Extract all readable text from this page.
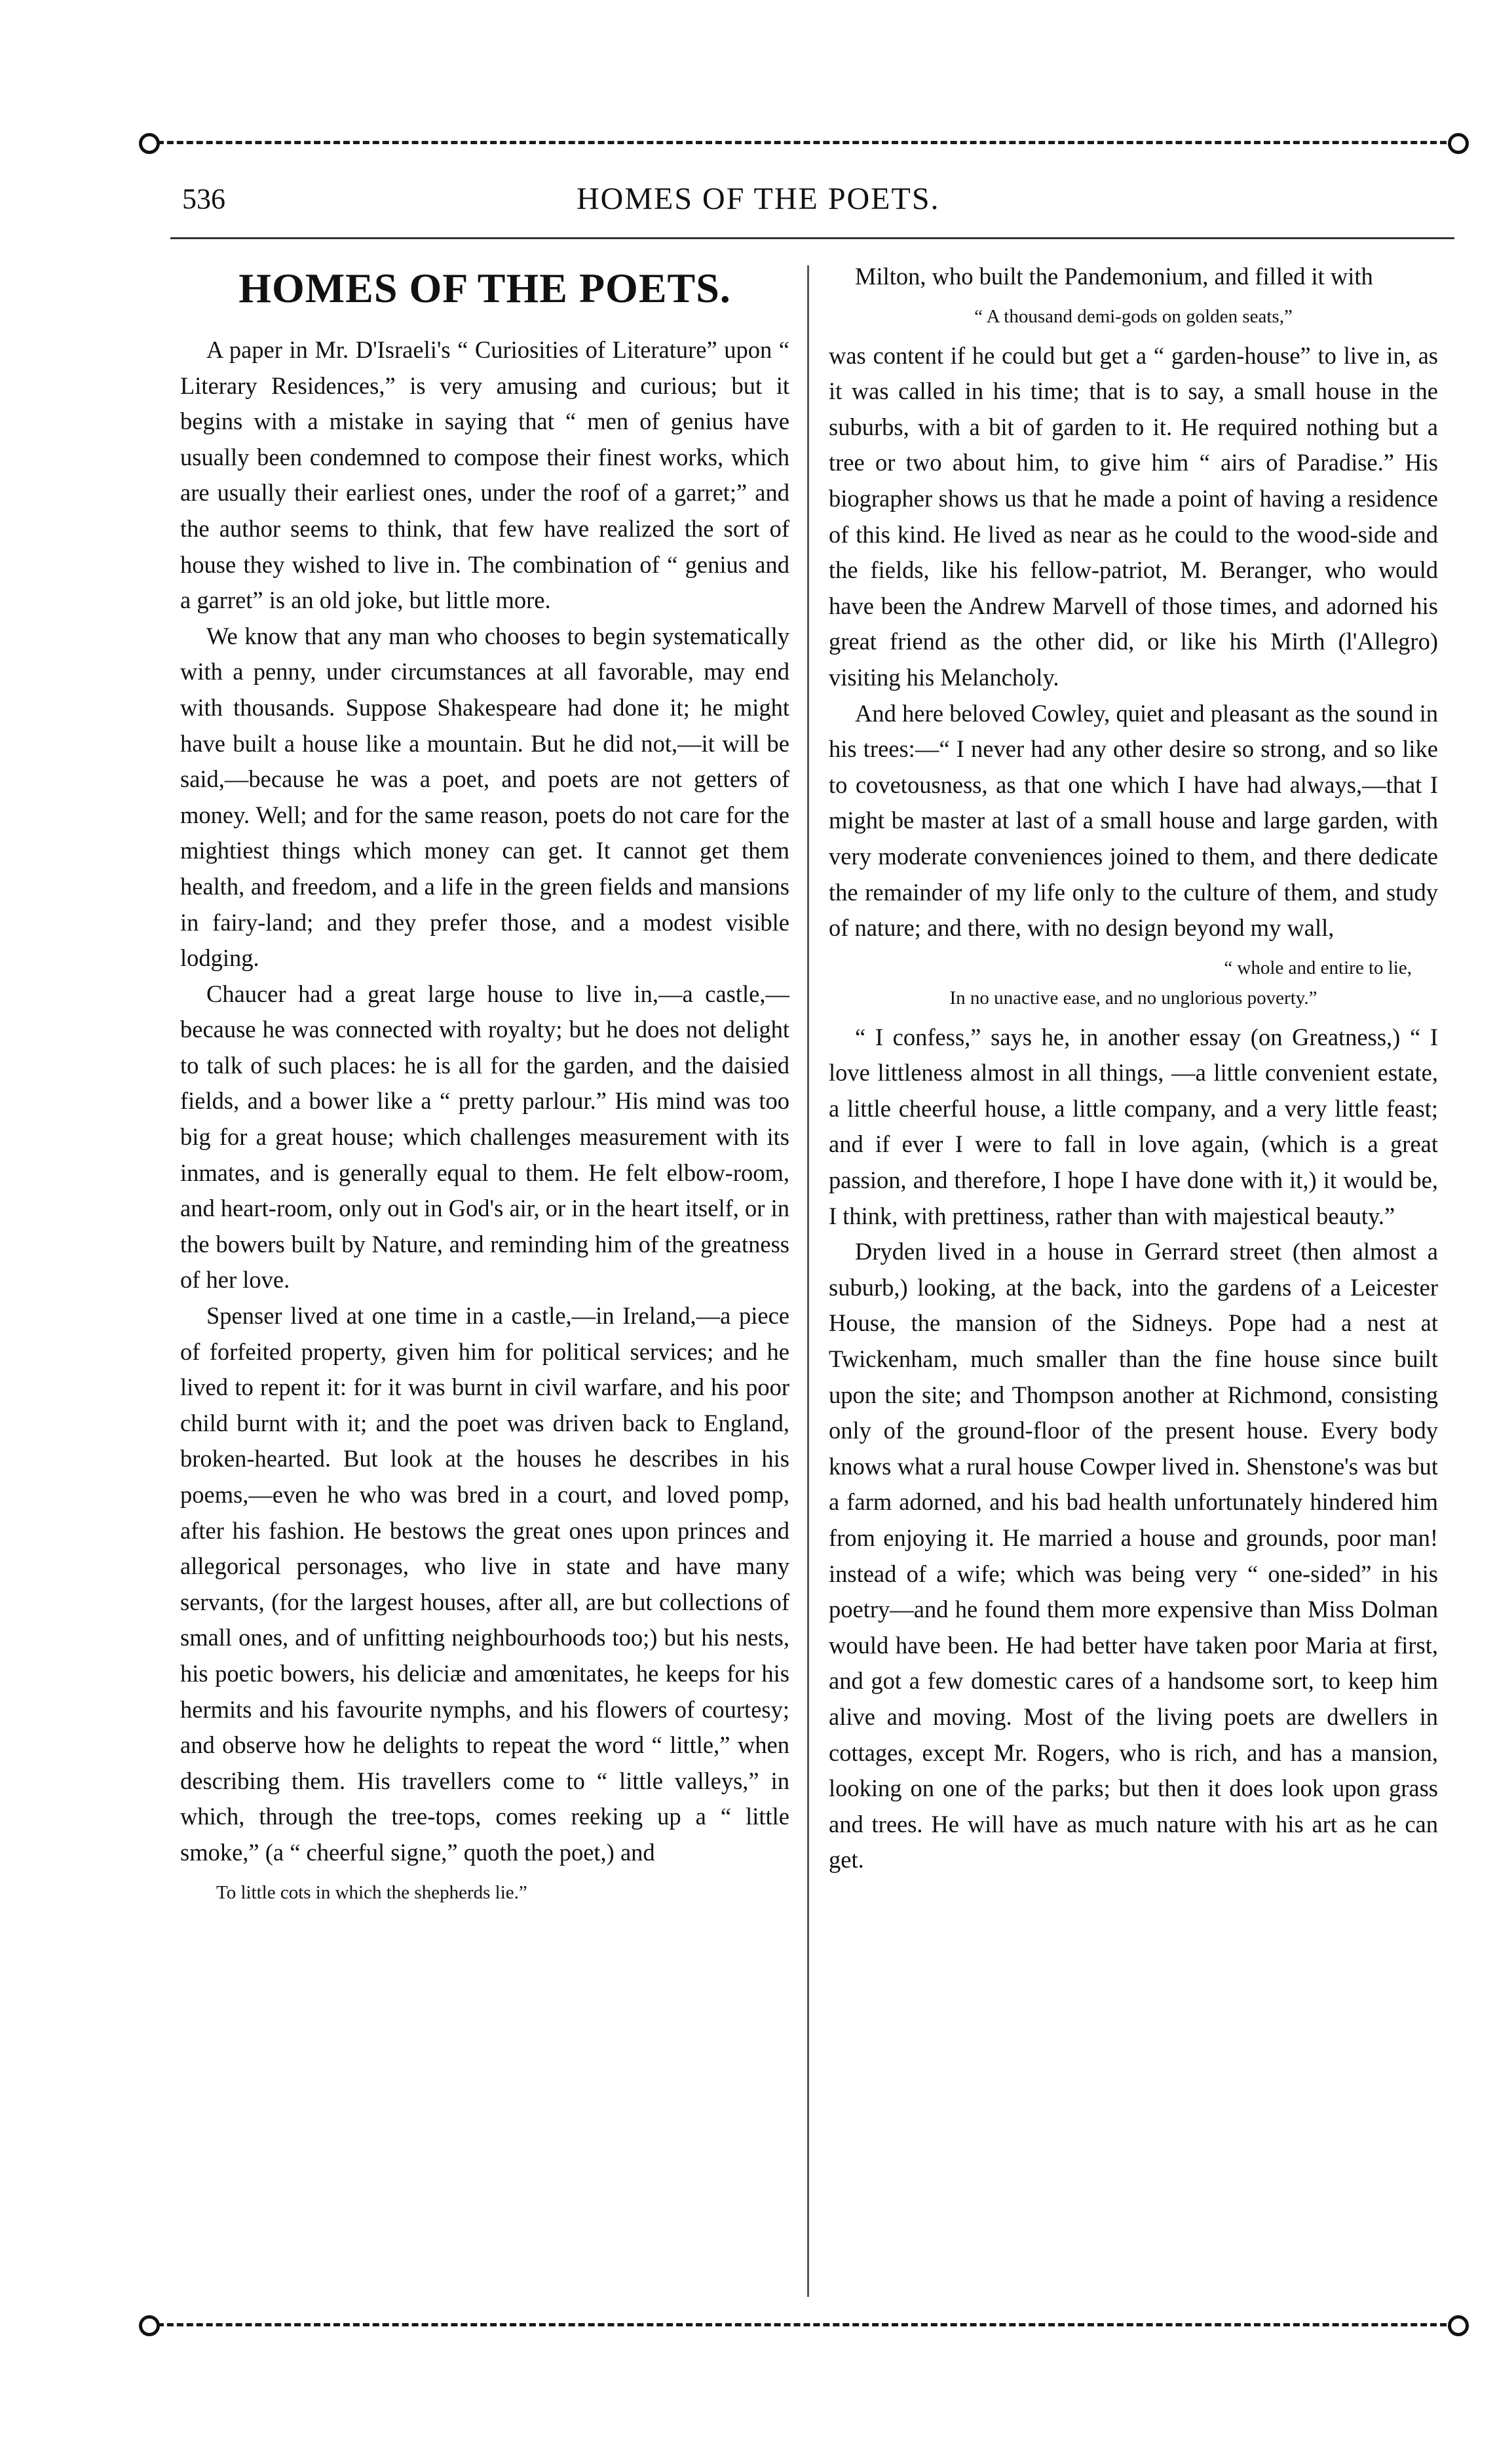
536	HOMES OF THE POETS.
HOMES OF THE POETS.

A paper in Mr. D'Israeli's “ Curiosities of Literature” upon “ Literary Residences,” is very amusing and curious; but it begins with a mistake in saying that “ men of genius have usually been condemned to compose their finest works, which are usually their earliest ones, under the roof of a garret;” and the author seems to think, that few have realized the sort of house they wished to live in. The combination of “ genius and a garret” is an old joke, but little more.

We know that any man who chooses to begin systematically with a penny, under circumstances at all favorable, may end with thousands. Suppose Shakespeare had done it; he might have built a house like a mountain. But he did not,—it will be said,—because he was a poet, and poets are not getters of money. Well; and for the same reason, poets do not care for the mightiest things which money can get. It cannot get them health, and freedom, and a life in the green fields and mansions in fairy-land; and they prefer those, and a modest visible lodging.

Chaucer had a great large house to live in,—a castle,—because he was connected with royalty; but he does not delight to talk of such places: he is all for the garden, and the daisied fields, and a bower like a “ pretty parlour.” His mind was too big for a great house; which challenges measurement with its inmates, and is generally equal to them. He felt elbow-room, and heart-room, only out in God's air, or in the heart itself, or in the bowers built by Nature, and reminding him of the greatness of her love.

Spenser lived at one time in a castle,—in Ireland,—a piece of forfeited property, given him for political services; and he lived to repent it: for it was burnt in civil warfare, and his poor child burnt with it; and the poet was driven back to England, broken-hearted. But look at the houses he describes in his poems,—even he who was bred in a court, and loved pomp, after his fashion. He bestows the great ones upon princes and allegorical personages, who live in state and have many servants, (for the largest houses, after all, are but collections of small ones, and of unfitting neighbourhoods too;) but his nests, his poetic bowers, his deliciæ and amœnitates, he keeps for his hermits and his favourite nymphs, and his flowers of courtesy; and observe how he delights to repeat the word “ little,” when describing them. His travellers come to “ little valleys,” in which, through the tree-tops, comes reeking up a “ little smoke,” (a “ cheerful signe,” quoth the poet,) and

To little cots in which the shepherds lie.”

Milton, who built the Pandemonium, and filled it with

“ A thousand demi-gods on golden seats,”

was content if he could but get a “ garden-house” to live in, as it was called in his time; that is to say, a small house in the suburbs, with a bit of garden to it. He required nothing but a tree or two about him, to give him “ airs of Paradise.” His biographer shows us that he made a point of having a residence of this kind. He lived as near as he could to the wood-side and the fields, like his fellow-patriot, M. Beranger, who would have been the Andrew Marvell of those times, and adorned his great friend as the other did, or like his Mirth (l'Allegro) visiting his Melancholy.

And here beloved Cowley, quiet and pleasant as the sound in his trees:—“ I never had any other desire so strong, and so like to covetousness, as that one which I have had always,—that I might be master at last of a small house and large garden, with very moderate conveniences joined to them, and there dedicate the remainder of my life only to the culture of them, and study of nature; and there, with no design beyond my wall,

“ whole and entire to lie,

In no unactive ease, and no unglorious poverty.”

“ I confess,” says he, in another essay (on Greatness,) “ I love littleness almost in all things, —a little convenient estate, a little cheerful house, a little company, and a very little feast; and if ever I were to fall in love again, (which is a great passion, and therefore, I hope I have done with it,) it would be, I think, with prettiness, rather than with majestical beauty.”

Dryden lived in a house in Gerrard street (then almost a suburb,) looking, at the back, into the gardens of a Leicester House, the mansion of the Sidneys. Pope had a nest at Twickenham, much smaller than the fine house since built upon the site; and Thompson another at Richmond, consisting only of the ground-floor of the present house. Every body knows what a rural house Cowper lived in. Shenstone's was but a farm adorned, and his bad health unfortunately hindered him from enjoying it. He married a house and grounds, poor man! instead of a wife; which was being very “ one-sided” in his poetry—and he found them more expensive than Miss Dolman would have been. He had better have taken poor Maria at first, and got a few domestic cares of a handsome sort, to keep him alive and moving. Most of the living poets are dwellers in cottages, except Mr. Rogers, who is rich, and has a mansion, looking on one of the parks; but then it does look upon grass and trees. He will have as much nature with his art as he can get.
